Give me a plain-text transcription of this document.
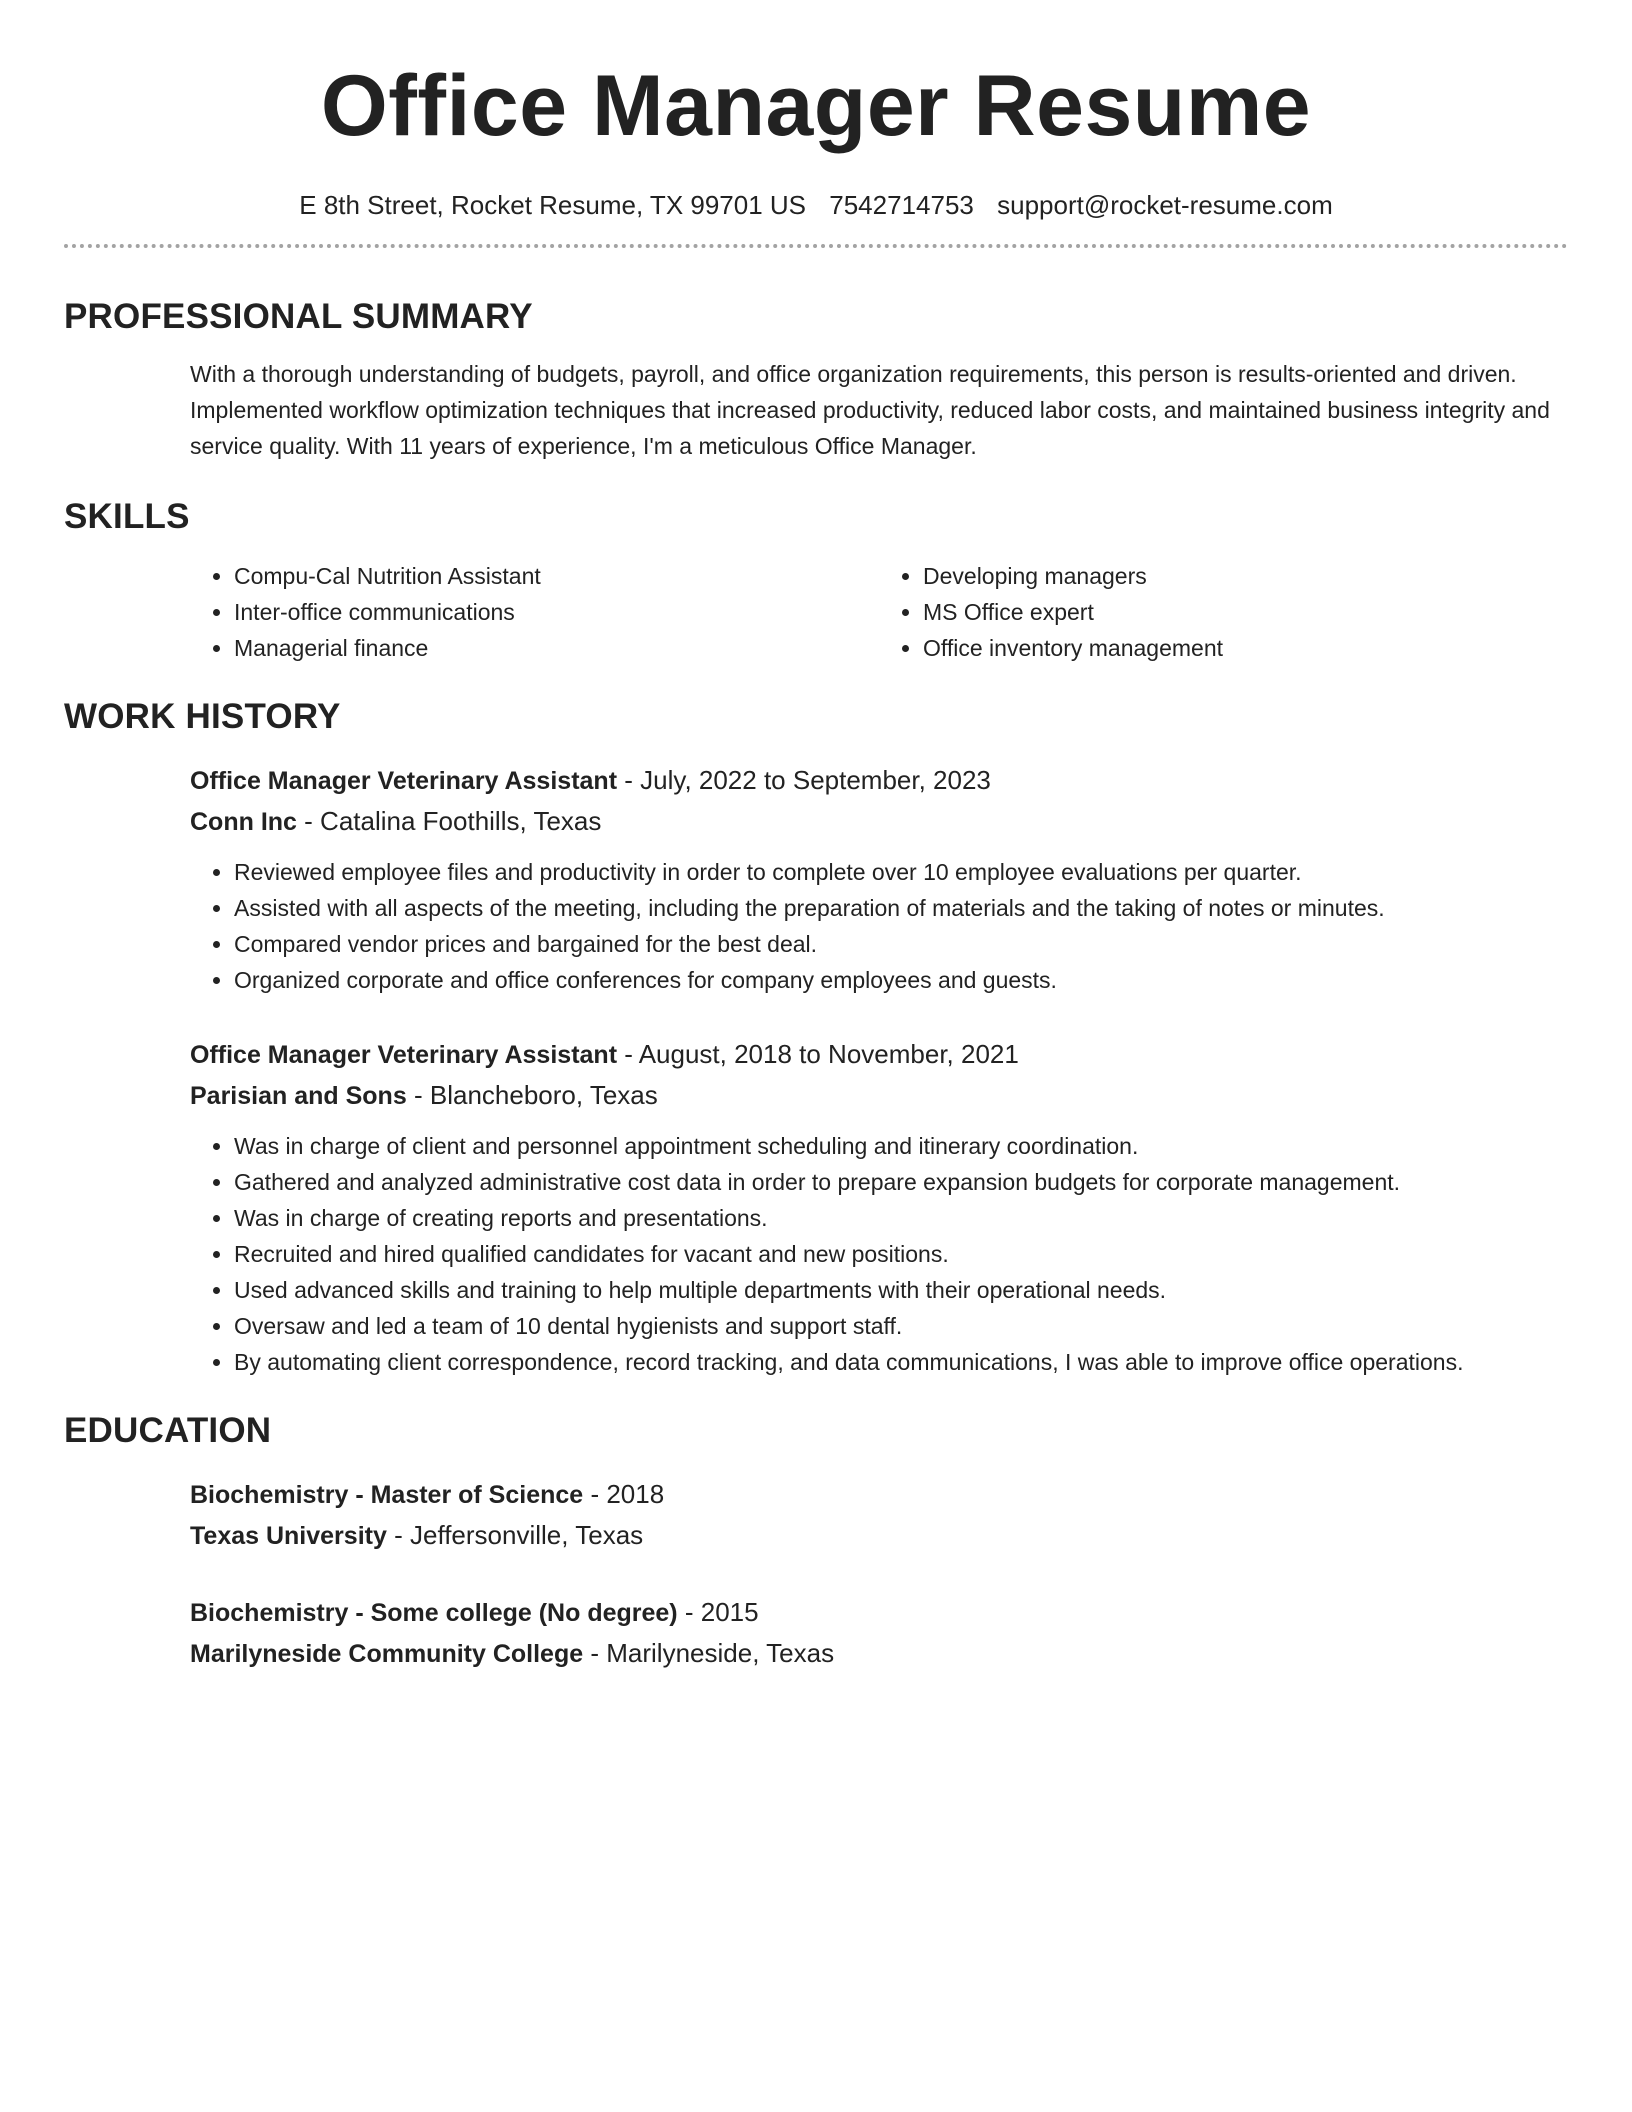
Office Manager Resume
E 8th Street, Rocket Resume, TX 99701 US 7542714753 support@rocket-resume.com
PROFESSIONAL SUMMARY
With a thorough understanding of budgets, payroll, and office organization requirements, this person is results-oriented and driven. Implemented workflow optimization techniques that increased productivity, reduced labor costs, and maintained business integrity and service quality. With 11 years of experience, I'm a meticulous Office Manager.
SKILLS
• Compu-Cal Nutrition Assistant
• Inter-office communications
• Managerial finance
• Developing managers
• MS Office expert
• Office inventory management
WORK HISTORY
Office Manager Veterinary Assistant - July, 2022 to September, 2023
Conn Inc - Catalina Foothills, Texas
• Reviewed employee files and productivity in order to complete over 10 employee evaluations per quarter.
• Assisted with all aspects of the meeting, including the preparation of materials and the taking of notes or minutes.
• Compared vendor prices and bargained for the best deal.
• Organized corporate and office conferences for company employees and guests.
Office Manager Veterinary Assistant - August, 2018 to November, 2021
Parisian and Sons - Blancheboro, Texas
• Was in charge of client and personnel appointment scheduling and itinerary coordination.
• Gathered and analyzed administrative cost data in order to prepare expansion budgets for corporate management.
• Was in charge of creating reports and presentations.
• Recruited and hired qualified candidates for vacant and new positions.
• Used advanced skills and training to help multiple departments with their operational needs.
• Oversaw and led a team of 10 dental hygienists and support staff.
• By automating client correspondence, record tracking, and data communications, I was able to improve office operations.
EDUCATION
Biochemistry - Master of Science - 2018
Texas University - Jeffersonville, Texas
Biochemistry - Some college (No degree) - 2015
Marilyneside Community College - Marilyneside, Texas
